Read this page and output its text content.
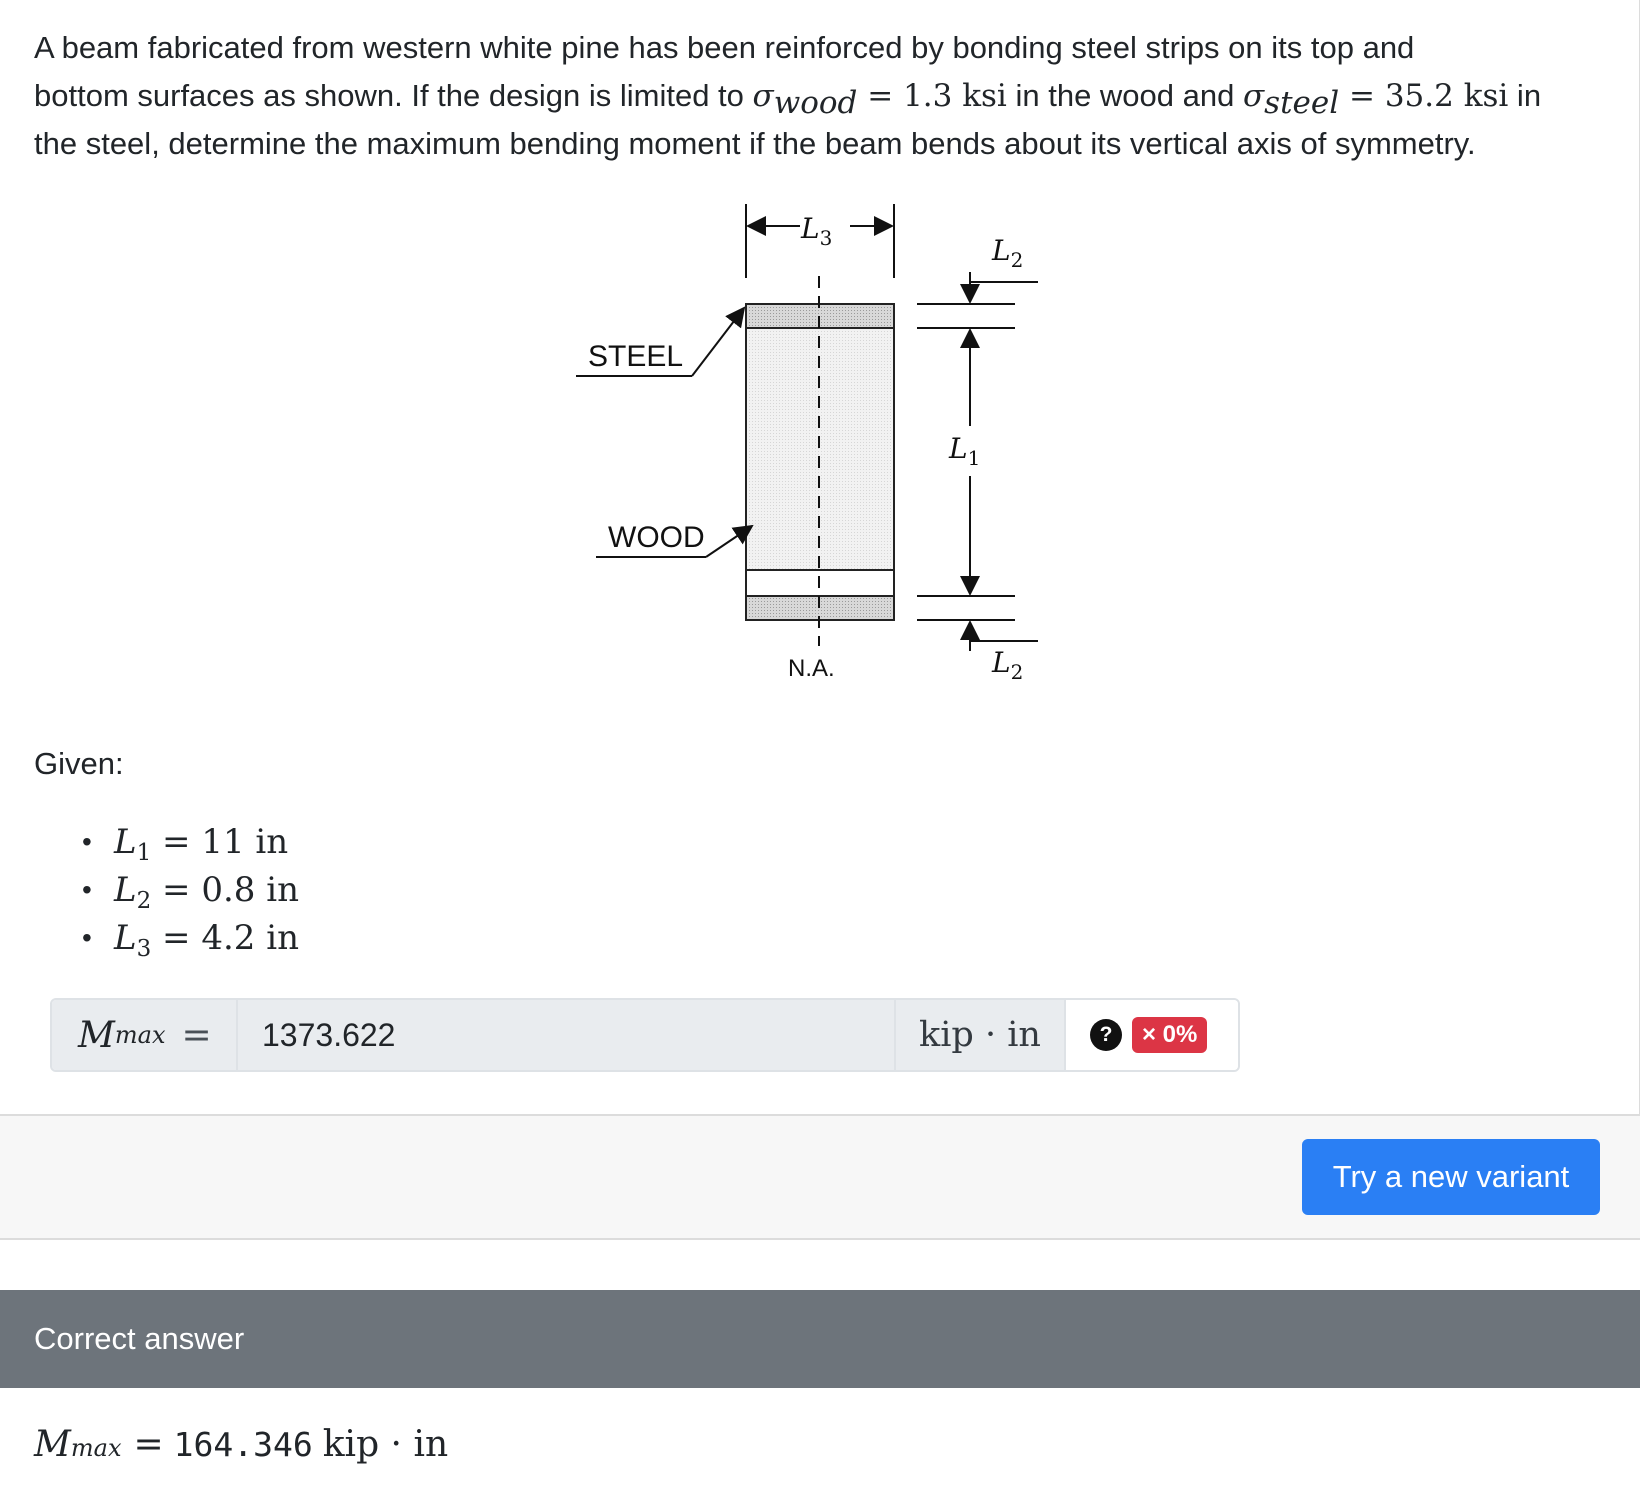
A beam fabricated from western white pine has been reinforced by bonding steel strips on its top and
bottom surfaces as shown. If the design is limited to $\sigma_{wood} = 1.3$ ksi in the wood and $\sigma_{steel} = 35.2$ ksi in
the steel, determine the maximum bending moment if the beam bends about its vertical axis of symmetry.
$L_3$	$L_2$
$L_1$
$L_2$
STEEL
WOOD
N.A.
Given:
• $L_1 = 11$ in
• $L_2 = 0.8$ in
• $L_3 = 4.2$ in
M max =	1373.622	kip · in	?	× 0%
Try a new variant
Correct answer
M max = 164.346 kip · in
